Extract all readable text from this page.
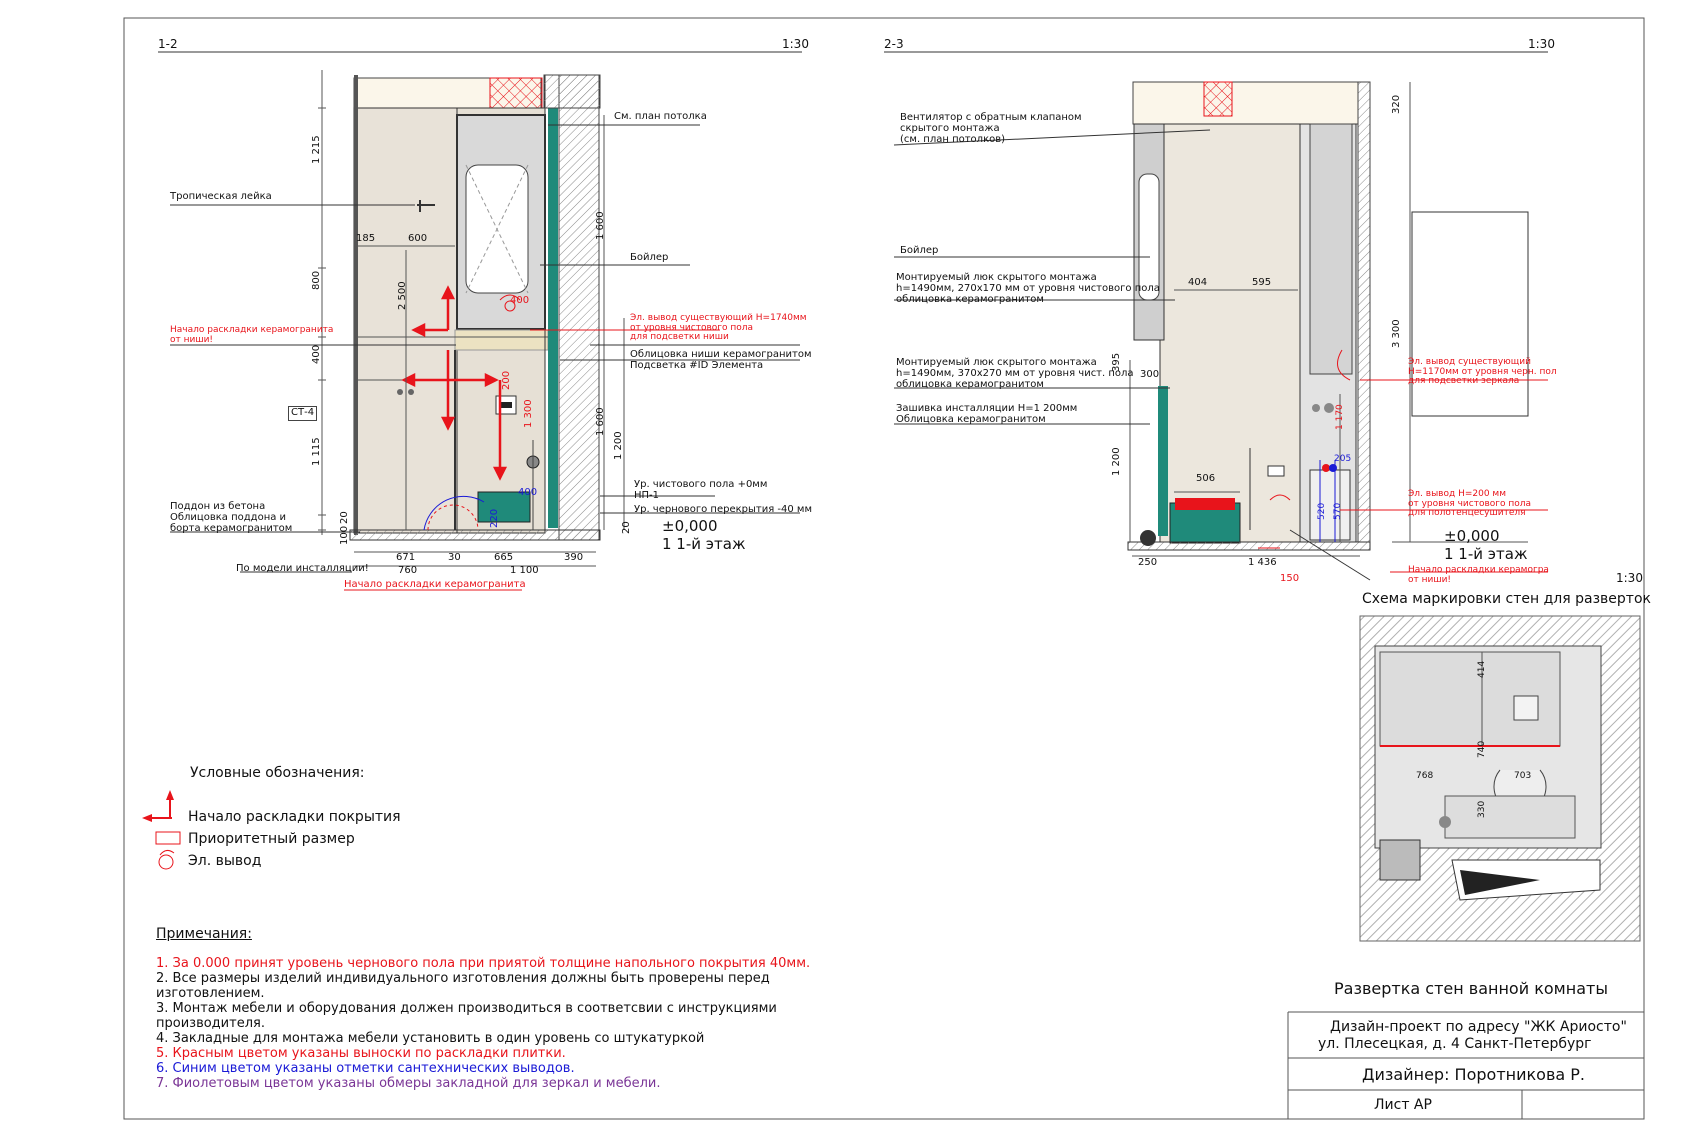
1-2	1:30	2-3	1:30
См. план потолка
Тропическая лейка
Бойлер
Эл. вывод существующий Н=1740мм
от уровня чистового пола
для подсветки ниши
Начало раскладки керамогранита
от ниши!
Облицовка ниши керамогранитом
Подсветка #ID Элемента
СТ-4
Ур. чистового пола +0мм
НП-1
Ур. чернового перекрытия -40 мм
±0,000
1 1-й этаж
Поддон из бетона
Облицовка поддона и
борта керамогранитом
По модели инсталляции!
Начало раскладки керамогранита
1 215
800
400
1 115
100
20
185	600
2 500
1 600
1 600
1 200
1 300
200
400
400
220
671	30	665
760	1 100
390
20
Вентилятор с обратным клапаном
скрытого монтажа
(см. план потолков)
Бойлер
Монтируемый люк скрытого монтажа
h=1490мм, 270х170 мм от уровня чистового пола
облицовка керамогранитом
Монтируемый люк скрытого монтажа
h=1490мм, 370х270 мм от уровня чист. пола
облицовка керамогранитом
Зашивка инсталляции Н=1 200мм
Облицовка керамогранитом
Эл. вывод существующий
Н=1170мм от уровня черн. пол
для подсветки зеркала
Эл. вывод Н=200 мм
от уровня чистового пола
для полотенцесушителя
Начало раскладки керамогра
от ниши!
±0,000
1 1-й этаж
320
3 300
404	595
395
300
1 200
506
250	1 436
150
1 170
205
520 570
1:30
Схема маркировки стен для разверток
414
740
768	703
330
Условные обозначения:
Начало раскладки покрытия
Приоритетный размер
Эл. вывод
Примечания:
1. За 0.000 принят уровень чернового пола при приятой толщине напольного покрытия 40мм.
2. Все размеры изделий индивидуального изготовления должны быть проверены перед изготовлением.
3. Монтаж мебели и оборудования должен производиться в соответсвии с инструкциями производителя.
4. Закладные для монтажа мебели установить в один уровень со штукатуркой
5. Красным цветом указаны выноски по раскладки плитки.
6. Синим цветом указаны отметки сантехнических выводов.
7. Фиолетовым цветом указаны обмеры закладной для зеркал и мебели.
Развертка стен ванной комнаты
Дизайн-проект по адресу "ЖК Ариосто"
ул. Плесецкая, д. 4 Санкт-Петербург
Дизайнер: Поротникова Р.
Лист АР
